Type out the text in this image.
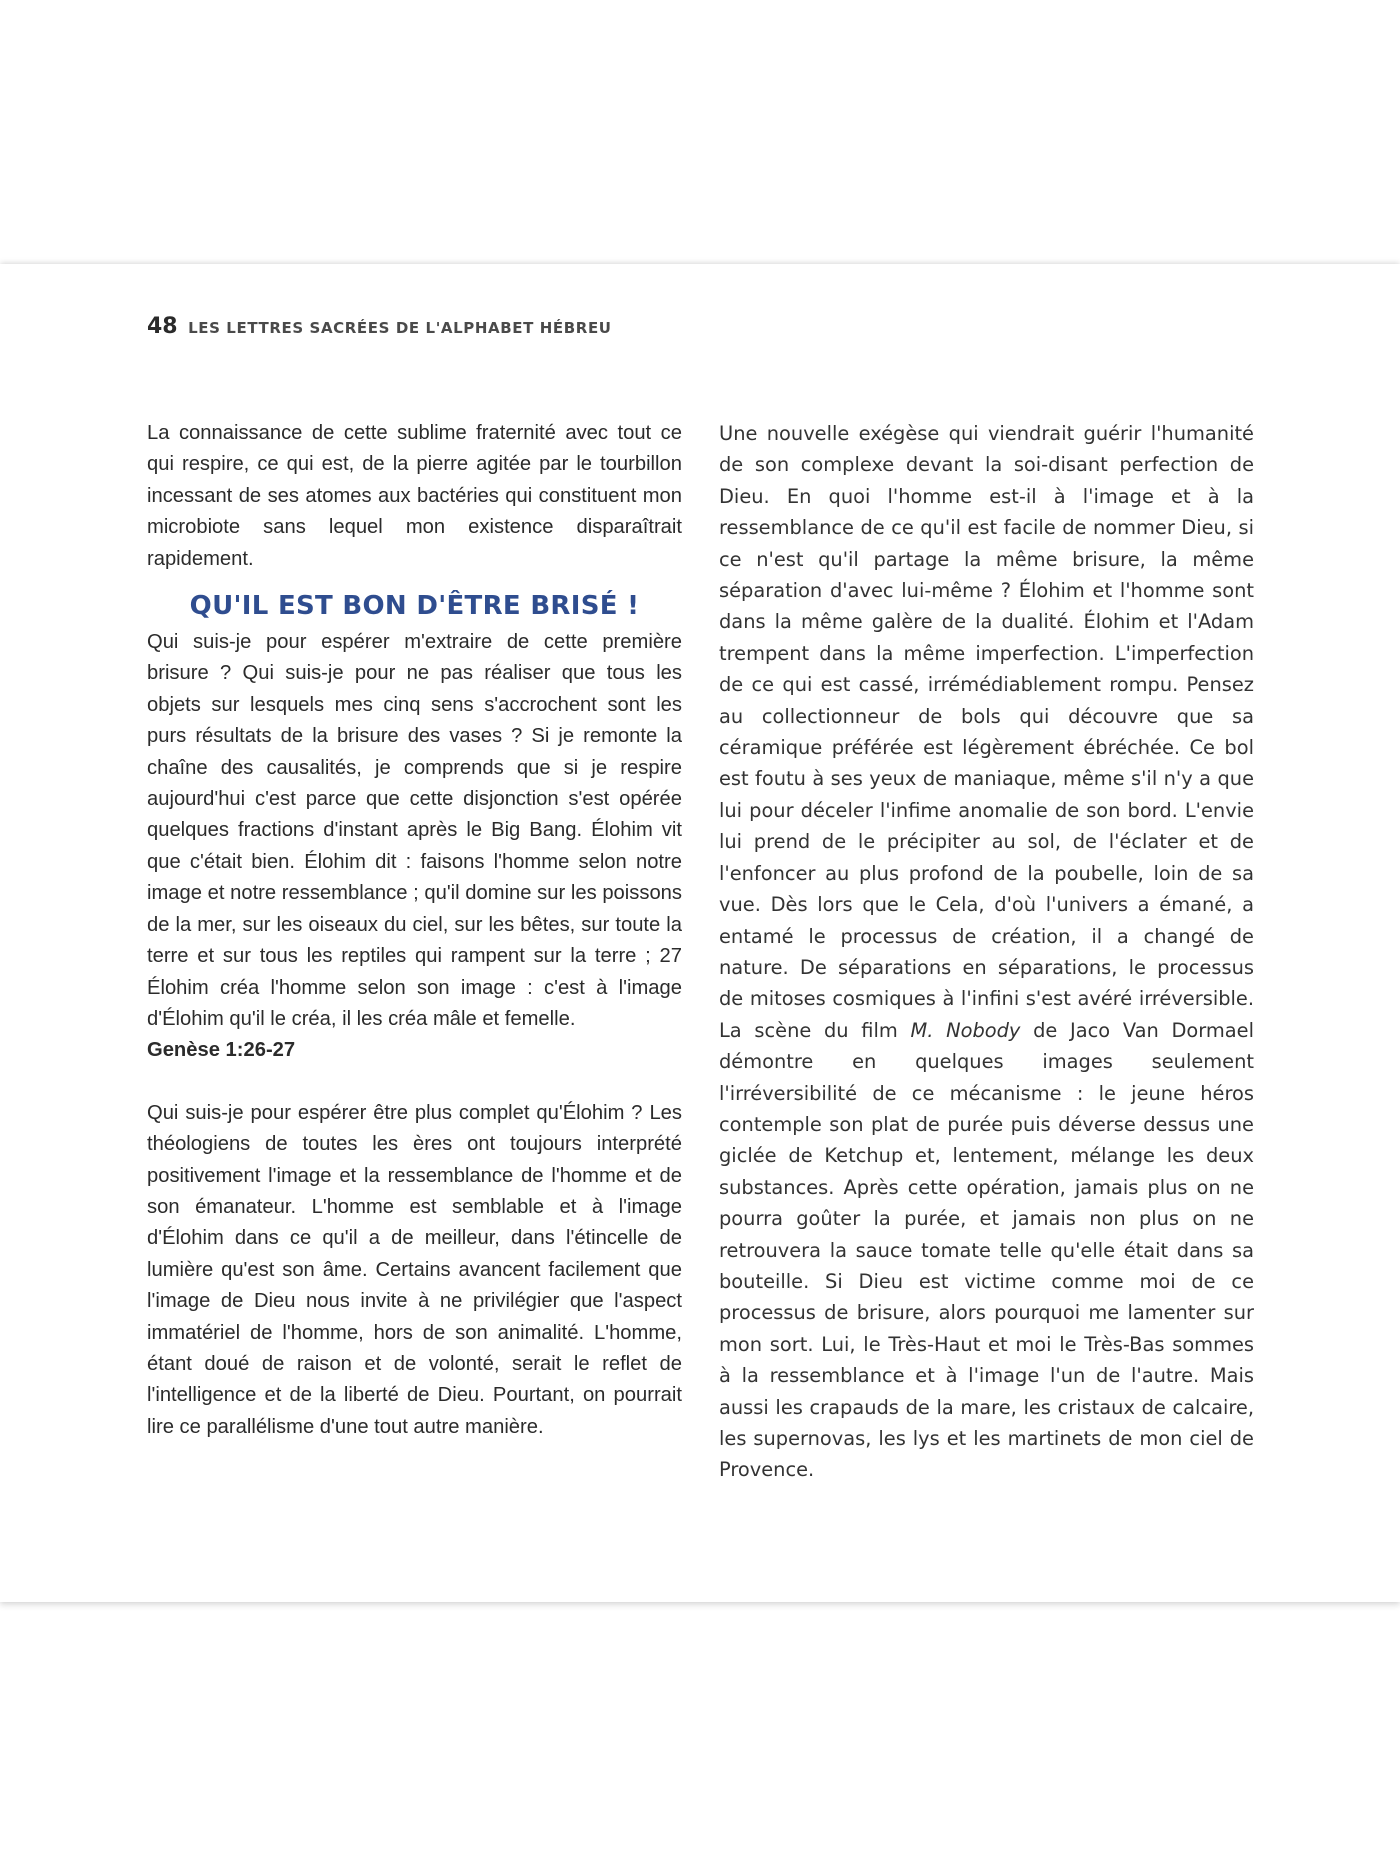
48 LES LETTRES SACRÉES DE L'ALPHABET HÉBREU

La connaissance de cette sublime fraternité avec tout ce qui respire, ce qui est, de la pierre agitée par le tourbillon incessant de ses atomes aux bactéries qui constituent mon microbiote sans lequel mon existence disparaîtrait rapidement.

QU'IL EST BON D'ÊTRE BRISÉ !

Qui suis-je pour espérer m'extraire de cette première brisure ? Qui suis-je pour ne pas réaliser que tous les objets sur lesquels mes cinq sens s'accrochent sont les purs résultats de la brisure des vases ? Si je remonte la chaîne des causalités, je comprends que si je respire aujourd'hui c'est parce que cette disjonction s'est opérée quelques fractions d'instant après le Big Bang. Élohim vit que c'était bien. Élohim dit : faisons l'homme selon notre image et notre ressemblance ; qu'il domine sur les poissons de la mer, sur les oiseaux du ciel, sur les bêtes, sur toute la terre et sur tous les reptiles qui rampent sur la terre ; 27 Élohim créa l'homme selon son image : c'est à l'image d'Élohim qu'il le créa, il les créa mâle et femelle.

Genèse 1:26-27

Qui suis-je pour espérer être plus complet qu'Élohim ? Les théologiens de toutes les ères ont toujours interprété positivement l'image et la ressemblance de l'homme et de son émanateur. L'homme est semblable et à l'image d'Élohim dans ce qu'il a de meilleur, dans l'étincelle de lumière qu'est son âme. Certains avancent facilement que l'image de Dieu nous invite à ne privilégier que l'aspect immatériel de l'homme, hors de son animalité. L'homme, étant doué de raison et de volonté, serait le reflet de l'intelligence et de la liberté de Dieu. Pourtant, on pourrait lire ce parallélisme d'une tout autre manière.

Une nouvelle exégèse qui viendrait guérir l'humanité de son complexe devant la soi-disant perfection de Dieu. En quoi l'homme est-il à l'image et à la ressemblance de ce qu'il est facile de nommer Dieu, si ce n'est qu'il partage la même brisure, la même séparation d'avec lui-même ? Élohim et l'homme sont dans la même galère de la dualité. Élohim et l'Adam trempent dans la même imperfection. L'imperfection de ce qui est cassé, irrémédiablement rompu. Pensez au collectionneur de bols qui découvre que sa céramique préférée est légèrement ébréchée. Ce bol est foutu à ses yeux de maniaque, même s'il n'y a que lui pour déceler l'infime anomalie de son bord. L'envie lui prend de le précipiter au sol, de l'éclater et de l'enfoncer au plus profond de la poubelle, loin de sa vue. Dès lors que le Cela, d'où l'univers a émané, a entamé le processus de création, il a changé de nature. De séparations en séparations, le processus de mitoses cosmiques à l'infini s'est avéré irréversible. La scène du film M. Nobody de Jaco Van Dormael démontre en quelques images seulement l'irréversibilité de ce mécanisme : le jeune héros contemple son plat de purée puis déverse dessus une giclée de Ketchup et, lentement, mélange les deux substances. Après cette opération, jamais plus on ne pourra goûter la purée, et jamais non plus on ne retrouvera la sauce tomate telle qu'elle était dans sa bouteille. Si Dieu est victime comme moi de ce processus de brisure, alors pourquoi me lamenter sur mon sort. Lui, le Très-Haut et moi le Très-Bas sommes à la ressemblance et à l'image l'un de l'autre. Mais aussi les crapauds de la mare, les cristaux de calcaire, les supernovas, les lys et les martinets de mon ciel de Provence.
